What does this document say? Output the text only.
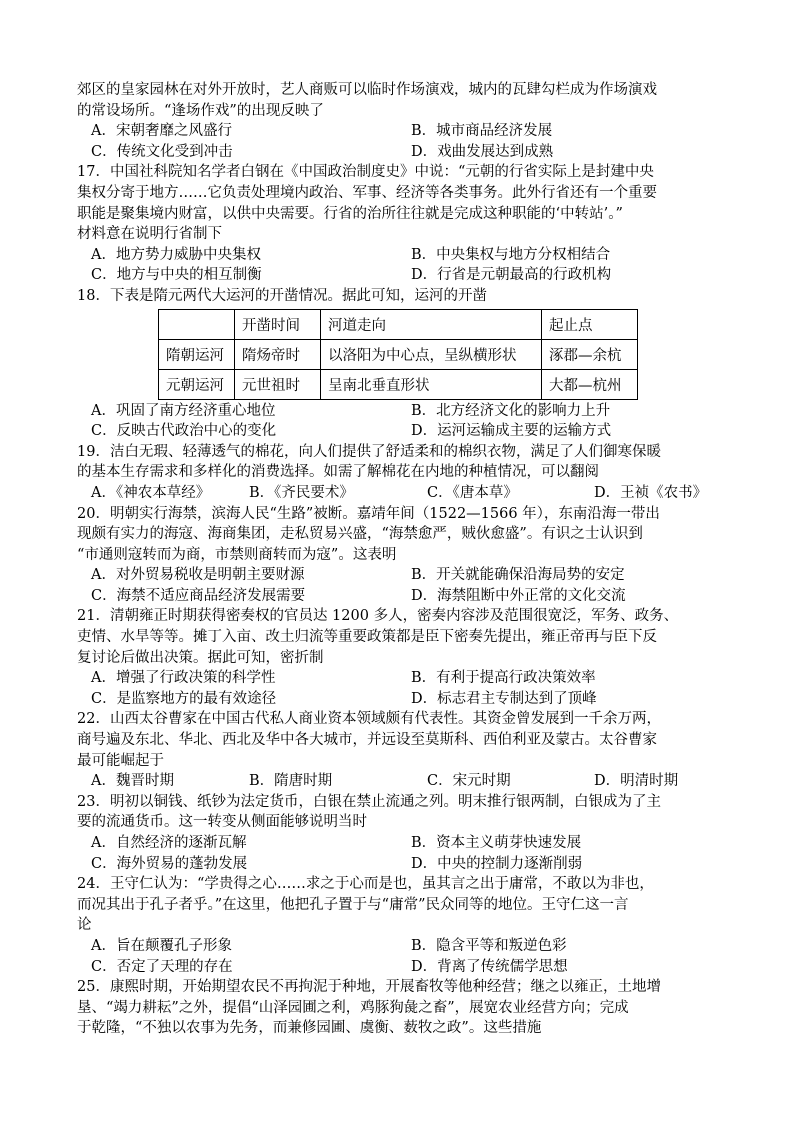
郊区的皇家园林在对外开放时，艺人商贩可以临时作场演戏，城内的瓦肆勾栏成为作场演戏
的常设场所。“逢场作戏”的出现反映了
A．宋朝奢靡之风盛行	B．城市商品经济发展
C．传统文化受到冲击	D．戏曲发展达到成熟
17．中国社科院知名学者白钢在《中国政治制度史》中说：“元朝的行省实际上是封建中央
集权分寄于地方……它负责处理境内政治、军事、经济等各类事务。此外行省还有一个重要
职能是聚集境内财富，以供中央需要。行省的治所往往就是完成这种职能的‘中转站’。”
材料意在说明行省制下
A．地方势力威胁中央集权	B．中央集权与地方分权相结合
C．地方与中央的相互制衡	D．行省是元朝最高的行政机构
18．下表是隋元两代大运河的开凿情况。据此可知，运河的开凿
	开凿时间	河道走向	起止点
隋朝运河	隋炀帝时	以洛阳为中心点，呈纵横形状	涿郡—余杭
元朝运河	元世祖时	呈南北垂直形状	大都—杭州
A．巩固了南方经济重心地位	B．北方经济文化的影响力上升
C．反映古代政治中心的变化	D．运河运输成主要的运输方式
19．洁白无瑕、轻薄透气的棉花，向人们提供了舒适柔和的棉织衣物，满足了人们御寒保暖
的基本生存需求和多样化的消费选择。如需了解棉花在内地的种植情况，可以翻阅
A．《神农本草经》	B．《齐民要术》	C．《唐本草》	D．王祯《农书》
20．明朝实行海禁，滨海人民“生路”被断。嘉靖年间（1522—1566 年），东南沿海一带出
现颇有实力的海寇、海商集团，走私贸易兴盛，“海禁愈严，贼伙愈盛”。有识之士认识到
“市通则寇转而为商，市禁则商转而为寇”。这表明
A．对外贸易税收是明朝主要财源	B．开关就能确保沿海局势的安定
C．海禁不适应商品经济发展需要	D．海禁阻断中外正常的文化交流
21．清朝雍正时期获得密奏权的官员达 1200 多人，密奏内容涉及范围很宽泛，军务、政务、
吏情、水旱等等。摊丁入亩、改土归流等重要政策都是臣下密奏先提出，雍正帝再与臣下反
复讨论后做出决策。据此可知，密折制
A．增强了行政决策的科学性	B．有利于提高行政决策效率
C．是监察地方的最有效途径	D．标志君主专制达到了顶峰
22．山西太谷曹家在中国古代私人商业资本领域颇有代表性。其资金曾发展到一千余万两，
商号遍及东北、华北、西北及华中各大城市，并远设至莫斯科、西伯利亚及蒙古。太谷曹家
最可能崛起于
A．魏晋时期	B．隋唐时期	C．宋元时期	D．明清时期
23．明初以铜钱、纸钞为法定货币，白银在禁止流通之列。明末推行银两制，白银成为了主
要的流通货币。这一转变从侧面能够说明当时
A．自然经济的逐渐瓦解	B．资本主义萌芽快速发展
C．海外贸易的蓬勃发展	D．中央的控制力逐渐削弱
24．王守仁认为：“学贵得之心……求之于心而是也，虽其言之出于庸常，不敢以为非也，
而况其出于孔子者乎。”在这里，他把孔子置于与“庸常”民众同等的地位。王守仁这一言
论
A．旨在颠覆孔子形象	B．隐含平等和叛逆色彩
C．否定了天理的存在	D．背离了传统儒学思想
25．康熙时期，开始期望农民不再拘泥于种地，开展畜牧等他种经营；继之以雍正，土地增
垦、“竭力耕耘”之外，提倡“山泽园圃之利，鸡豚狗彘之畜”，展宽农业经营方向；完成
于乾隆，“不独以农事为先务，而兼修园圃、虞衡、薮牧之政”。这些措施
